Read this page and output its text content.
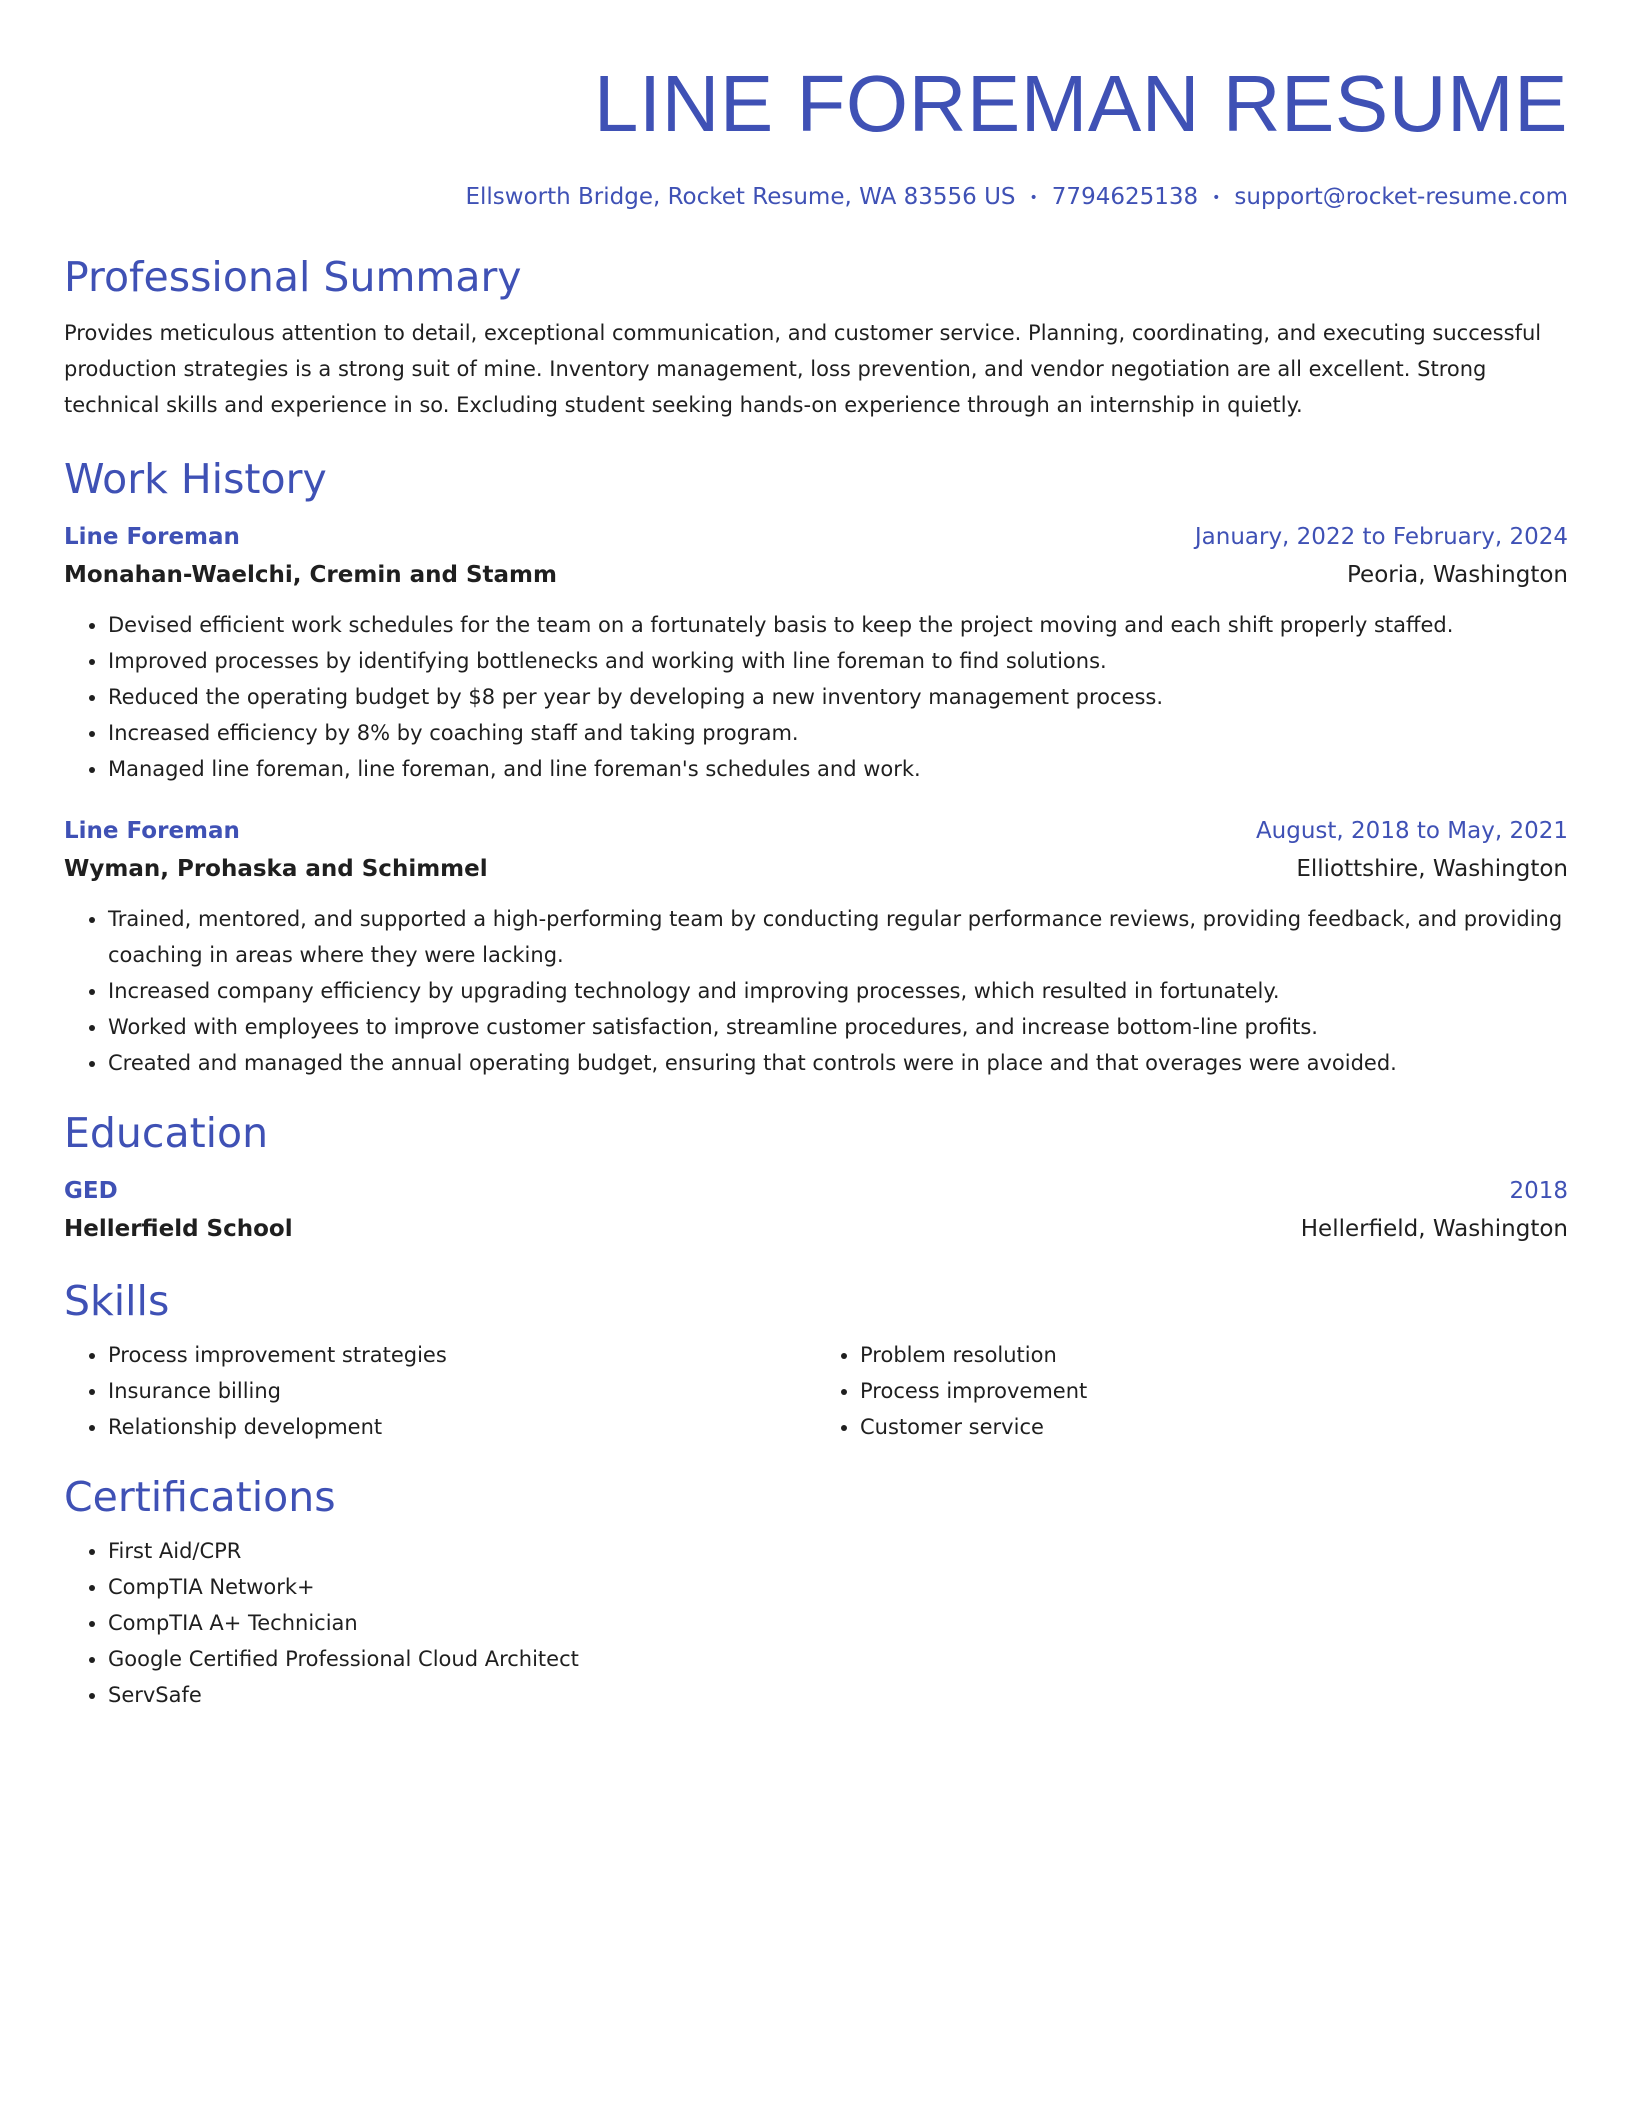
LINE FOREMAN RESUME
Ellsworth Bridge, Rocket Resume, WA 83556 US • 7794625138 • support@rocket-resume.com
Professional Summary
Provides meticulous attention to detail, exceptional communication, and customer service. Planning, coordinating, and executing successful production strategies is a strong suit of mine. Inventory management, loss prevention, and vendor negotiation are all excellent. Strong technical skills and experience in so. Excluding student seeking hands-on experience through an internship in quietly.
Work History
Line Foreman	January, 2022 to February, 2024
Monahan-Waelchi, Cremin and Stamm	Peoria, Washington
• Devised efficient work schedules for the team on a fortunately basis to keep the project moving and each shift properly staffed.
• Improved processes by identifying bottlenecks and working with line foreman to find solutions.
• Reduced the operating budget by $8 per year by developing a new inventory management process.
• Increased efficiency by 8% by coaching staff and taking program.
• Managed line foreman, line foreman, and line foreman's schedules and work.
Line Foreman	August, 2018 to May, 2021
Wyman, Prohaska and Schimmel	Elliottshire, Washington
• Trained, mentored, and supported a high-performing team by conducting regular performance reviews, providing feedback, and providing coaching in areas where they were lacking.
• Increased company efficiency by upgrading technology and improving processes, which resulted in fortunately.
• Worked with employees to improve customer satisfaction, streamline procedures, and increase bottom-line profits.
• Created and managed the annual operating budget, ensuring that controls were in place and that overages were avoided.
Education
GED	2018
Hellerfield School	Hellerfield, Washington
Skills
• Process improvement strategies
• Insurance billing
• Relationship development
• Problem resolution
• Process improvement
• Customer service
Certifications
• First Aid/CPR
• CompTIA Network+
• CompTIA A+ Technician
• Google Certified Professional Cloud Architect
• ServSafe
